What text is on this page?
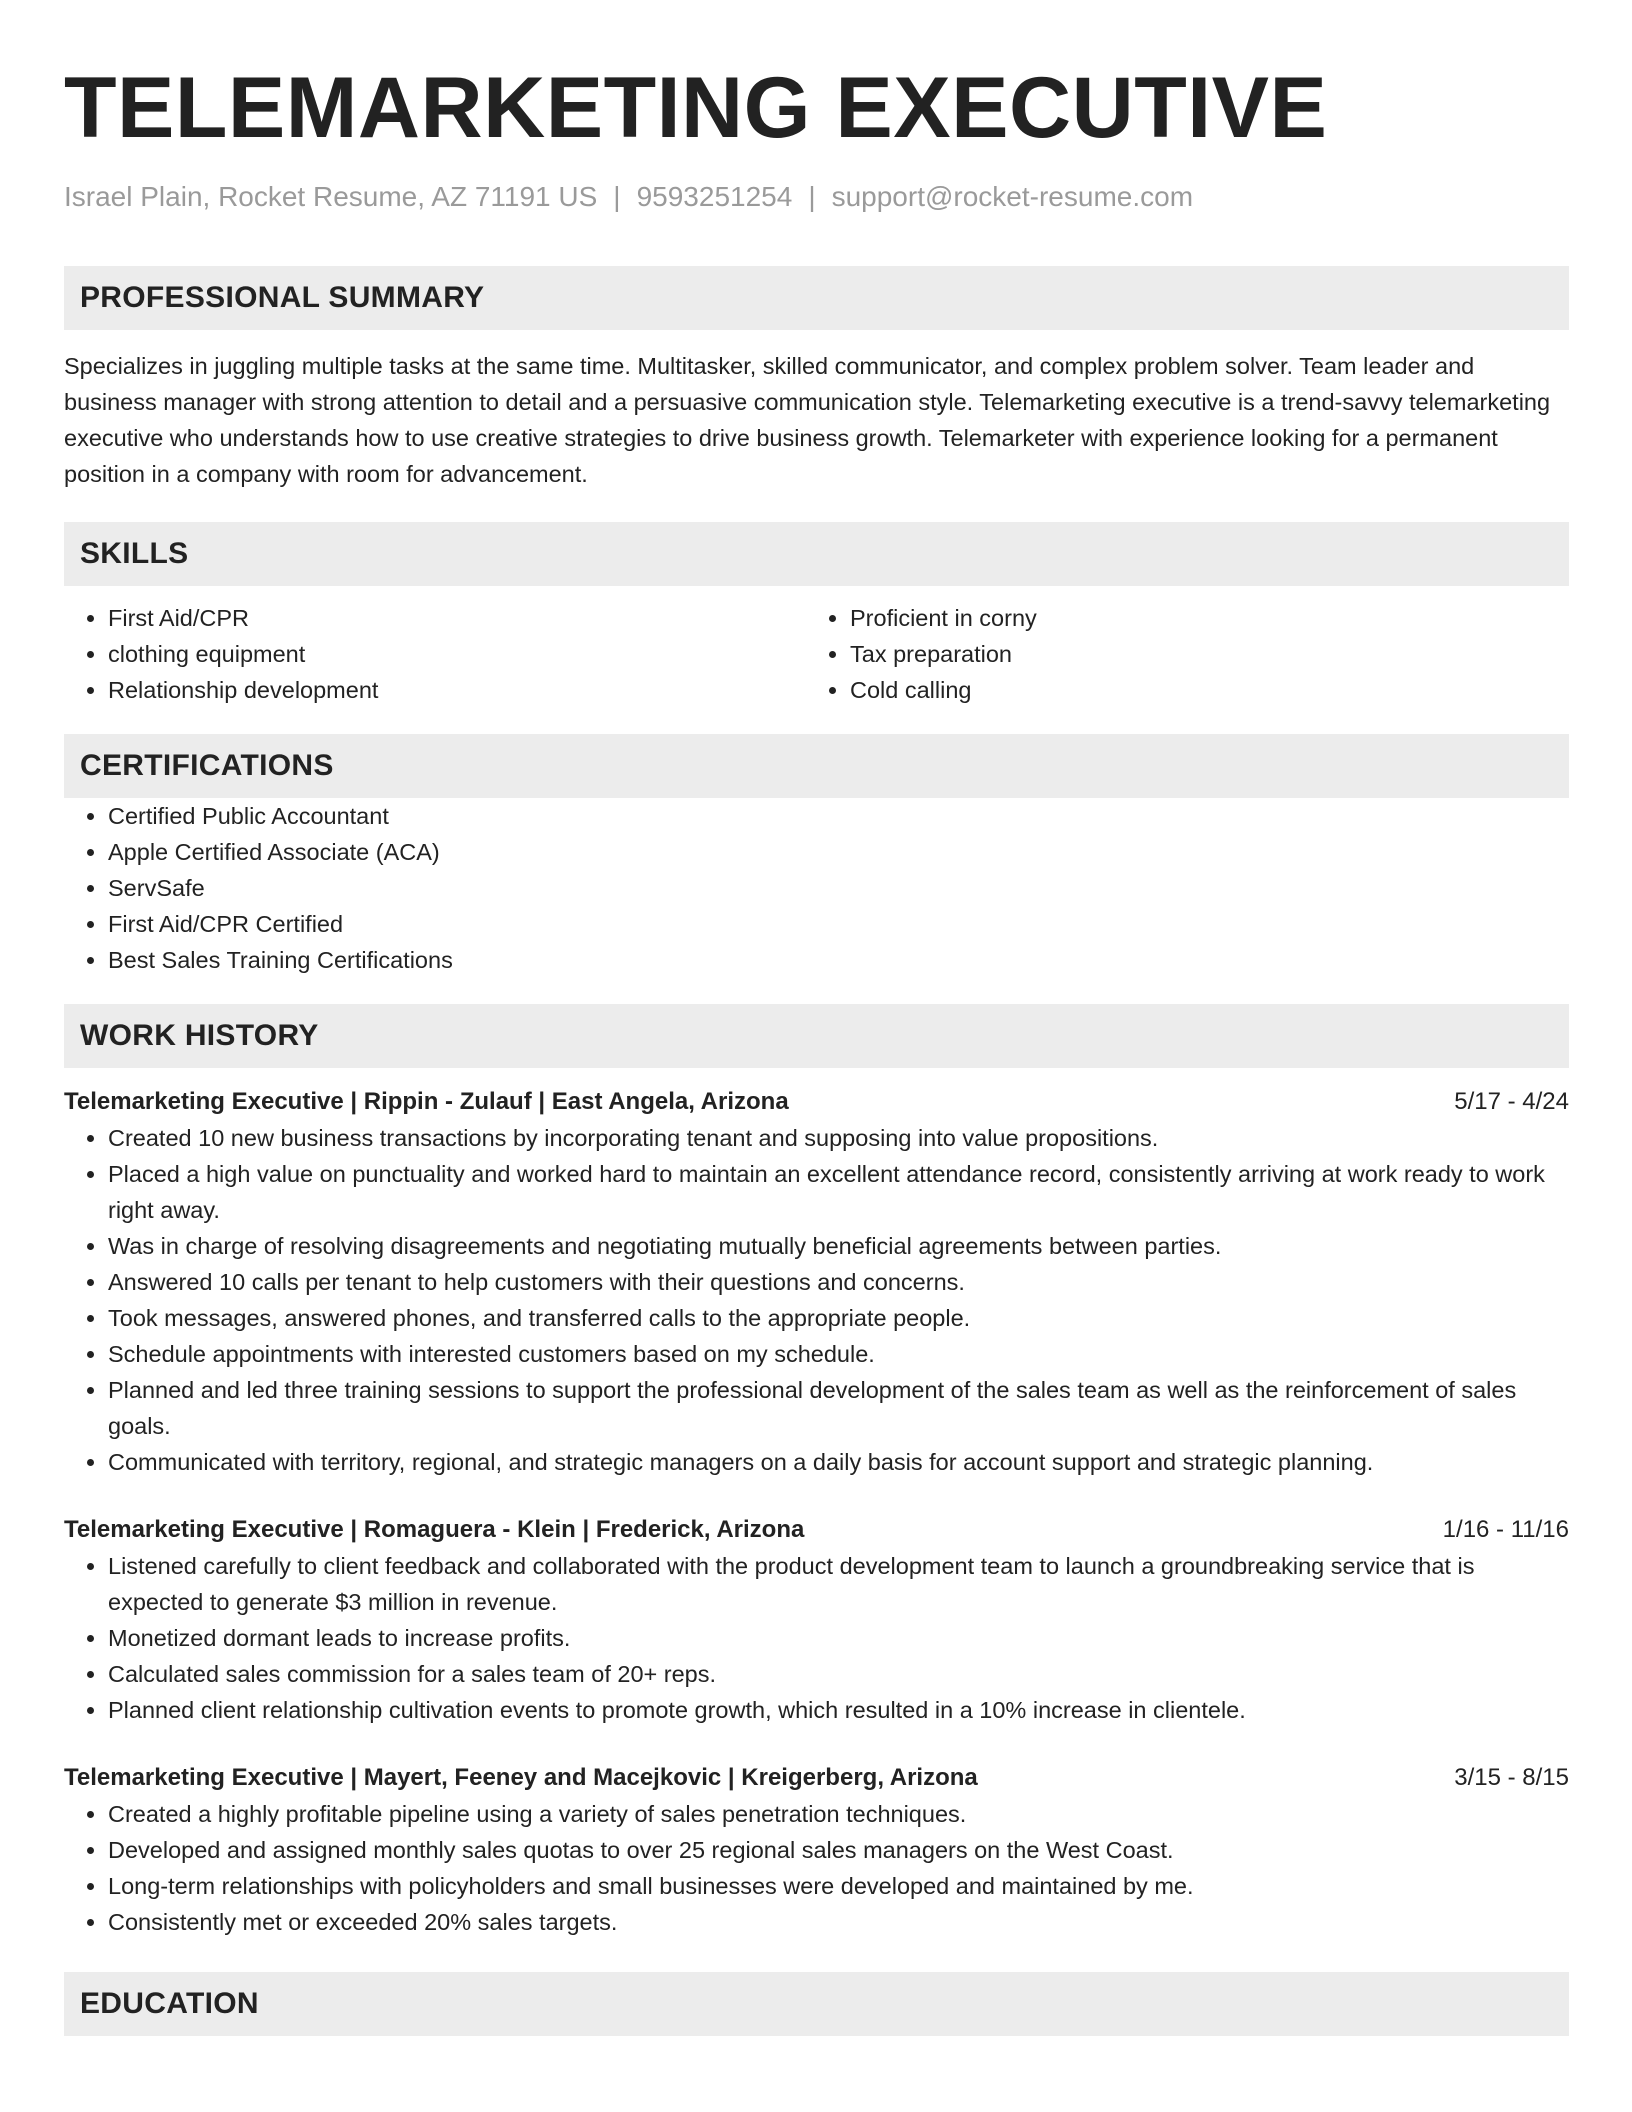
TELEMARKETING EXECUTIVE
Israel Plain, Rocket Resume, AZ 71191 US | 9593251254 | support@rocket-resume.com
PROFESSIONAL SUMMARY

Specializes in juggling multiple tasks at the same time. Multitasker, skilled communicator, and complex problem solver. Team leader and business manager with strong attention to detail and a persuasive communication style. Telemarketing executive is a trend-savvy telemarketing executive who understands how to use creative strategies to drive business growth. Telemarketer with experience looking for a permanent position in a company with room for advancement.

SKILLS
• First Aid/CPR
• clothing equipment
• Relationship development
• Proficient in corny
• Tax preparation
• Cold calling
CERTIFICATIONS
• Certified Public Accountant
• Apple Certified Associate (ACA)
• ServSafe
• First Aid/CPR Certified
• Best Sales Training Certifications
WORK HISTORY
Telemarketing Executive | Rippin - Zulauf | East Angela, Arizona	5/17 - 4/24
• Created 10 new business transactions by incorporating tenant and supposing into value propositions.
• Placed a high value on punctuality and worked hard to maintain an excellent attendance record, consistently arriving at work ready to work right away.
• Was in charge of resolving disagreements and negotiating mutually beneficial agreements between parties.
• Answered 10 calls per tenant to help customers with their questions and concerns.
• Took messages, answered phones, and transferred calls to the appropriate people.
• Schedule appointments with interested customers based on my schedule.
• Planned and led three training sessions to support the professional development of the sales team as well as the reinforcement of sales goals.
• Communicated with territory, regional, and strategic managers on a daily basis for account support and strategic planning.
Telemarketing Executive | Romaguera - Klein | Frederick, Arizona	1/16 - 11/16
• Listened carefully to client feedback and collaborated with the product development team to launch a groundbreaking service that is expected to generate $3 million in revenue.
• Monetized dormant leads to increase profits.
• Calculated sales commission for a sales team of 20+ reps.
• Planned client relationship cultivation events to promote growth, which resulted in a 10% increase in clientele.
Telemarketing Executive | Mayert, Feeney and Macejkovic | Kreigerberg, Arizona	3/15 - 8/15
• Created a highly profitable pipeline using a variety of sales penetration techniques.
• Developed and assigned monthly sales quotas to over 25 regional sales managers on the West Coast.
• Long-term relationships with policyholders and small businesses were developed and maintained by me.
• Consistently met or exceeded 20% sales targets.
EDUCATION
